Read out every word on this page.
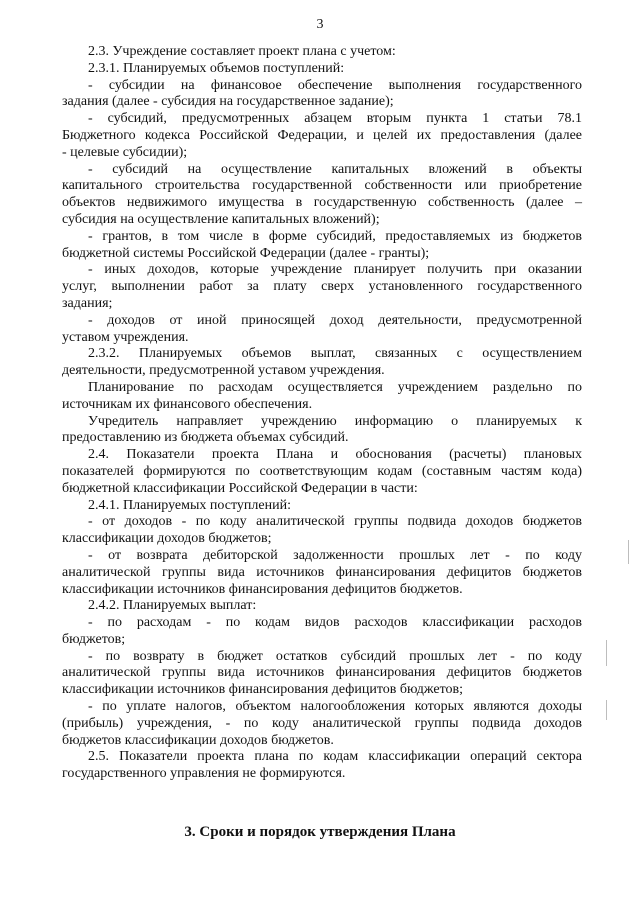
3

2.3. Учреждение составляет проект плана с учетом:

2.3.1. Планируемых объемов поступлений:

- субсидии на финансовое обеспечение выполнения государственного

задания (далее - субсидия на государственное задание);

- субсидий, предусмотренных абзацем вторым пункта 1 статьи 78.1

Бюджетного кодекса Российской Федерации, и целей их предоставления (далее

- целевые субсидии);

- субсидий на осуществление капитальных вложений в объекты

капитального строительства государственной собственности или приобретение

объектов недвижимого имущества в государственную собственность (далее –

субсидия на осуществление капитальных вложений);

- грантов, в том числе в форме субсидий, предоставляемых из бюджетов

бюджетной системы Российской Федерации (далее - гранты);

- иных доходов, которые учреждение планирует получить при оказании

услуг, выполнении работ за плату сверх установленного государственного

задания;

- доходов от иной приносящей доход деятельности, предусмотренной

уставом учреждения.

2.3.2. Планируемых объемов выплат, связанных с осуществлением

деятельности, предусмотренной уставом учреждения.

Планирование по расходам осуществляется учреждением раздельно по

источникам их финансового обеспечения.

Учредитель направляет учреждению информацию о планируемых к

предоставлению из бюджета объемах субсидий.

2.4. Показатели проекта Плана и обоснования (расчеты) плановых

показателей формируются по соответствующим кодам (составным частям кода)

бюджетной классификации Российской Федерации в части:

2.4.1. Планируемых поступлений:

- от доходов - по коду аналитической группы подвида доходов бюджетов

классификации доходов бюджетов;

- от возврата дебиторской задолженности прошлых лет - по коду

аналитической группы вида источников финансирования дефицитов бюджетов

классификации источников финансирования дефицитов бюджетов.

2.4.2. Планируемых выплат:

- по расходам - по кодам видов расходов классификации расходов

бюджетов;

- по возврату в бюджет остатков субсидий прошлых лет - по коду

аналитической группы вида источников финансирования дефицитов бюджетов

классификации источников финансирования дефицитов бюджетов;

- по уплате налогов, объектом налогообложения которых являются доходы

(прибыль) учреждения, - по коду аналитической группы подвида доходов

бюджетов классификации доходов бюджетов.

2.5. Показатели проекта плана по кодам классификации операций сектора

государственного управления не формируются.

3. Сроки и порядок утверждения Плана
